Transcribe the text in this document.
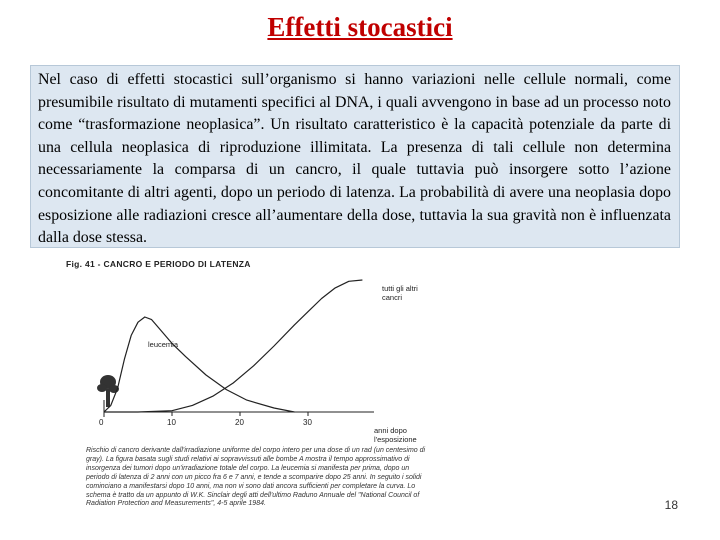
Effetti stocastici

Nel caso di effetti stocastici sull’organismo si hanno variazioni nelle cellule normali, come presumibile risultato di mutamenti specifici al DNA, i quali avvengono in base ad un processo noto come “trasformazione neoplasica”. Un risultato caratteristico è la capacità potenziale da parte di una cellula neoplasica di riproduzione illimitata. La presenza di tali cellule non determina necessariamente la comparsa di un cancro, il quale tuttavia può insorgere sotto l’azione concomitante di altri agenti, dopo un periodo di latenza. La probabilità di avere una neoplasia dopo esposizione alle radiazioni cresce all’aumentare della dose, tuttavia la sua gravità non è influenzata dalla dose stessa.

Fig. 41 - CANCRO E PERIODO DI LATENZA
leucemia
tutti gli altri cancri
0	10	20	30
anni dopo l'esposizione
Rischio di cancro derivante dall'irradiazione uniforme del corpo intero per una dose di un rad (un centesimo di gray). La figura basata sugli studi relativi ai sopravvissuti alle bombe A mostra il tempo approssimativo di insorgenza dei tumori dopo un'irradiazione totale del corpo. La leucemia si manifesta per prima, dopo un periodo di latenza di 2 anni con un picco fra 6 e 7 anni, e tende a scomparire dopo 25 anni. In seguito i solidi cominciano a manifestarsi dopo 10 anni, ma non vi sono dati ancora sufficienti per completare la curva. Lo schema è tratto da un appunto di W.K. Sinclair degli atti dell'ultimo Raduno Annuale del "National Council of Radiation Protection and Measurements", 4-5 aprile 1984.	18
